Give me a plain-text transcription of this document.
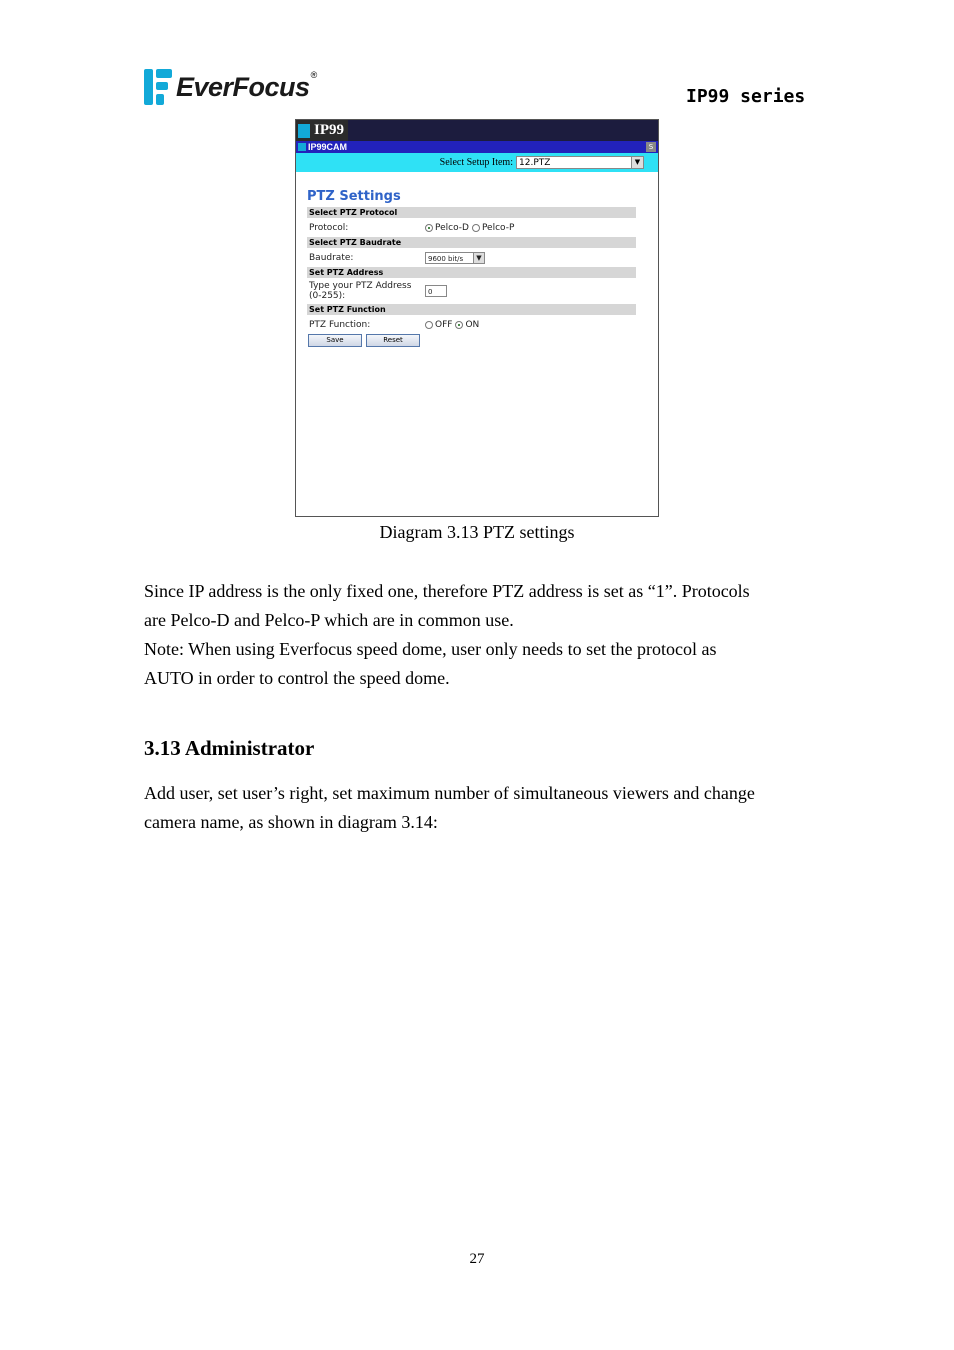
EverFocus ®
IP99 series
IP99
IP99CAM	S
Select Setup Item: 12.PTZ	▼
PTZ Settings
Select PTZ Protocol
Protocol:	Pelco-D Pelco-P
Select PTZ Baudrate
Baudrate:	9600 bit/s	▼
Set PTZ Address
Type your PTZ Address
(0-255):	0
Set PTZ Function
PTZ Function:	OFF ON
Save	Reset
Diagram 3.13 PTZ settings
Since IP address is the only fixed one, therefore PTZ address is set as “1”. Protocols
are Pelco-D and Pelco-P which are in common use.
Note: When using Everfocus speed dome, user only needs to set the protocol as
AUTO in order to control the speed dome.
3.13 Administrator
Add user, set user’s right, set maximum number of simultaneous viewers and change
camera name, as shown in diagram 3.14:
27
